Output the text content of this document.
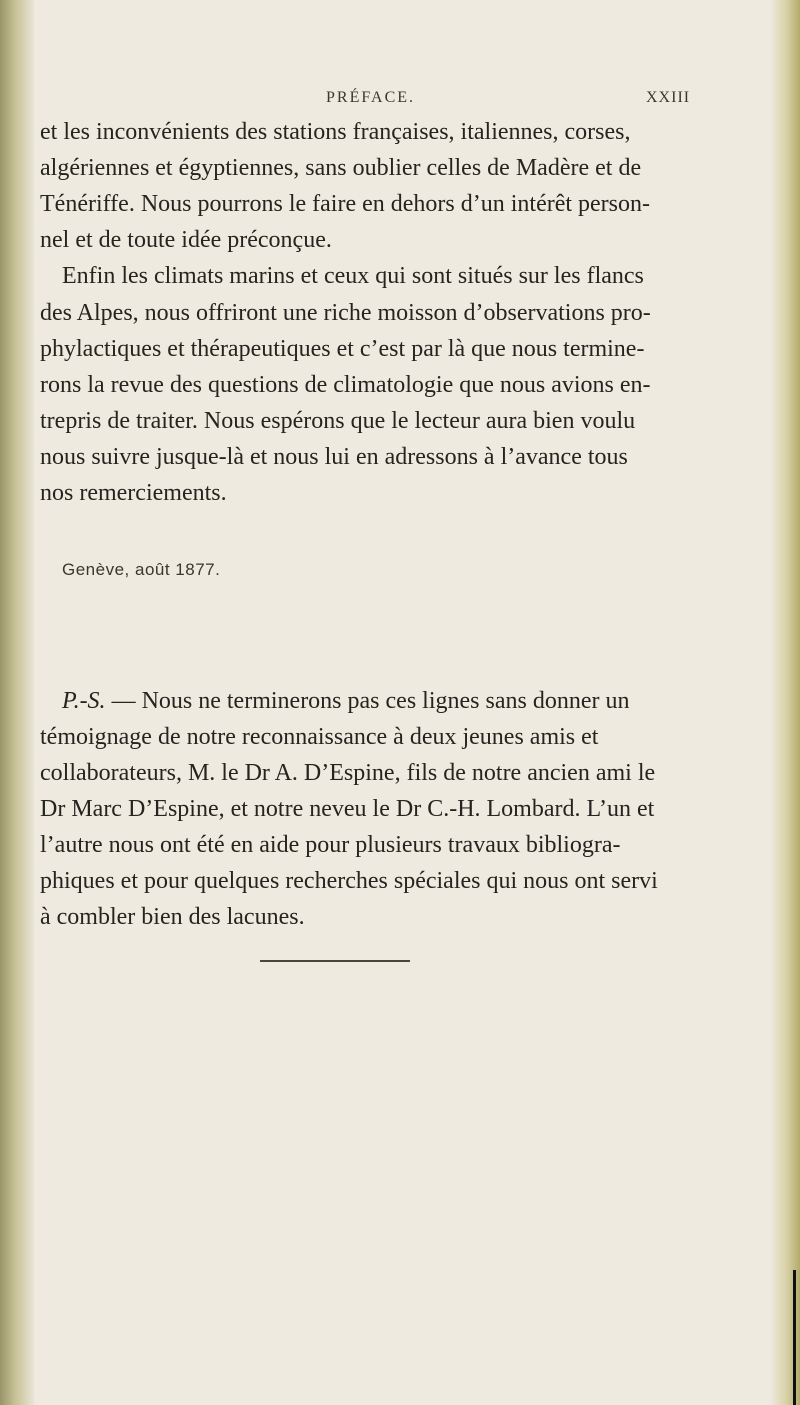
PRÉFACE.	XXIII

et les inconvénients des stations françaises, italiennes, corses,

algériennes et égyptiennes, sans oublier celles de Madère et de

Ténériffe. Nous pourrons le faire en dehors d’un intérêt person-

nel et de toute idée préconçue.

Enfin les climats marins et ceux qui sont situés sur les flancs

des Alpes, nous offriront une riche moisson d’observations pro-

phylactiques et thérapeutiques et c’est par là que nous termine-

rons la revue des questions de climatologie que nous avions en-

trepris de traiter. Nous espérons que le lecteur aura bien voulu

nous suivre jusque-là et nous lui en adressons à l’avance tous

nos remerciements.

Genève, août 1877.

P.-S. — Nous ne terminerons pas ces lignes sans donner un

témoignage de notre reconnaissance à deux jeunes amis et

collaborateurs, M. le Dr A. D’Espine, fils de notre ancien ami le

Dr Marc D’Espine, et notre neveu le Dr C.-H. Lombard. L’un et

l’autre nous ont été en aide pour plusieurs travaux bibliogra-

phiques et pour quelques recherches spéciales qui nous ont servi

à combler bien des lacunes.
